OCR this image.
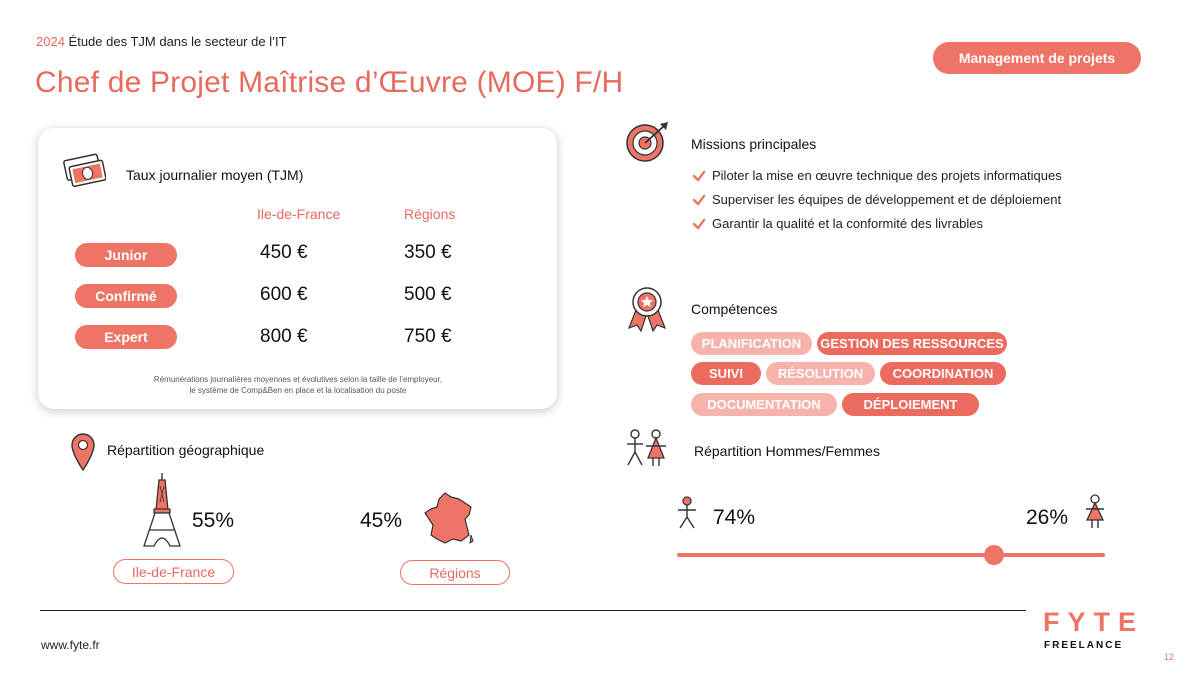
2024 Étude des TJM dans le secteur de l’IT
Chef de Projet Maîtrise d’Œuvre (MOE) F/H
Management de projets
Taux journalier moyen (TJM)
Ile-de-France	Régions
Junior	450 €	350 €
Confirmé	600 €	500 €
Expert	800 €	750 €
Rémunérations journalières moyennes et évolutives selon la taille de l’employeur,
le système de Comp&Ben en place et la localisation du poste
Missions principales
Piloter la mise en œuvre technique des projets informatiques
Superviser les équipes de développement et de déploiement
Garantir la qualité et la conformité des livrables
Compétences
PLANIFICATION	GESTION DES RESSOURCES
SUIVI	RÉSOLUTION	COORDINATION
DOCUMENTATION	DÉPLOIEMENT
Répartition géographique
55%	45%
Ile-de-France	Régions
Répartition Hommes/Femmes
74%	26%
www.fyte.fr
FYTE
FREELANCE
12
